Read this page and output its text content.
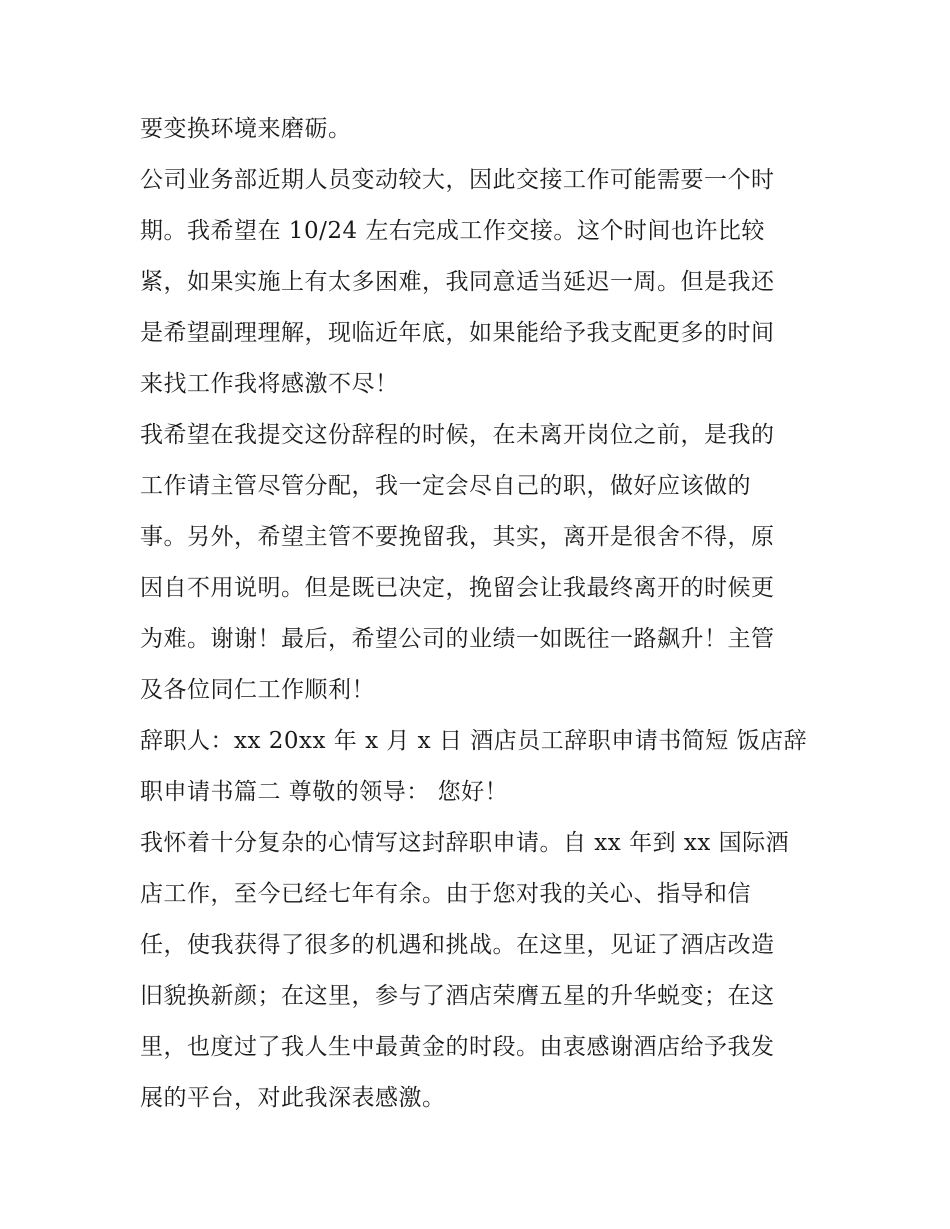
要变换环境来磨砺。
公司业务部近期人员变动较大，因此交接工作可能需要一个时
期。我希望在 10/24 左右完成工作交接。这个时间也许比较
紧，如果实施上有太多困难，我同意适当延迟一周。但是我还
是希望副理理解，现临近年底，如果能给予我支配更多的时间
来找工作我将感激不尽！
我希望在我提交这份辞程的时候，在未离开岗位之前，是我的
工作请主管尽管分配，我一定会尽自己的职，做好应该做的
事。另外，希望主管不要挽留我，其实，离开是很舍不得，原
因自不用说明。但是既已决定，挽留会让我最终离开的时候更
为难。谢谢！最后，希望公司的业绩一如既往一路飙升！主管
及各位同仁工作顺利！
辞职人：xx 20xx 年 x 月 x 日 酒店员工辞职申请书简短 饭店辞
职申请书篇二 尊敬的领导： 您好！
我怀着十分复杂的心情写这封辞职申请。自 xx 年到 xx 国际酒
店工作，至今已经七年有余。由于您对我的关心、指导和信
任，使我获得了很多的机遇和挑战。在这里，见证了酒店改造
旧貌换新颜；在这里，参与了酒店荣膺五星的升华蜕变；在这
里，也度过了我人生中最黄金的时段。由衷感谢酒店给予我发
展的平台，对此我深表感激。
